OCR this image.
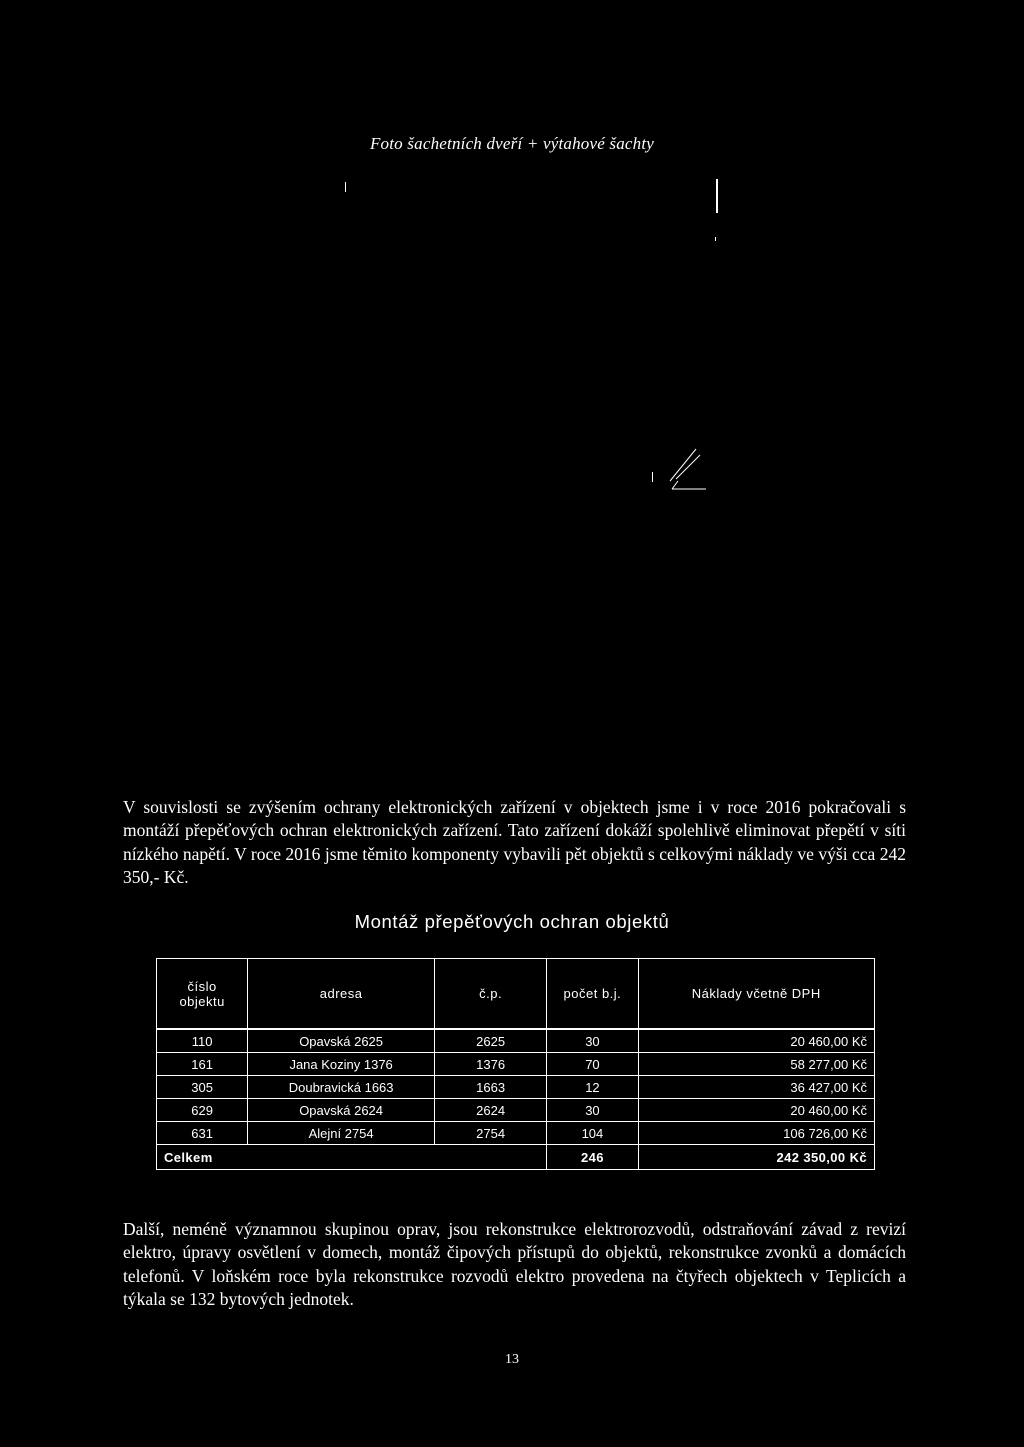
Foto šachetních dveří + výtahové šachty

V souvislosti se zvýšením ochrany elektronických zařízení v objektech jsme i v roce 2016 pokračovali s montáží přepěťových ochran elektronických zařízení. Tato zařízení dokáží spolehlivě eliminovat přepětí v síti nízkého napětí. V roce 2016 jsme těmito komponenty vybavili pět objektů s celkovými náklady ve výši cca 242 350,- Kč.

Montáž přepěťových ochran objektů
číslo objektu	adresa	č.p.	počet b.j.	Náklady včetně DPH
110	Opavská 2625	2625	30	20 460,00 Kč
161	Jana Koziny 1376	1376	70	58 277,00 Kč
305	Doubravická 1663	1663	12	36 427,00 Kč
629	Opavská 2624	2624	30	20 460,00 Kč
631	Alejní 2754	2754	104	106 726,00 Kč

Celkem			246	242 350,00 Kč

Další, neméně významnou skupinou oprav, jsou rekonstrukce elektrorozvodů, odstraňování závad z revizí elektro, úpravy osvětlení v domech, montáž čipových přístupů do objektů, rekonstrukce zvonků a domácích telefonů. V loňském roce byla rekonstrukce rozvodů elektro provedena na čtyřech objektech v Teplicích a týkala se 132 bytových jednotek.

13
